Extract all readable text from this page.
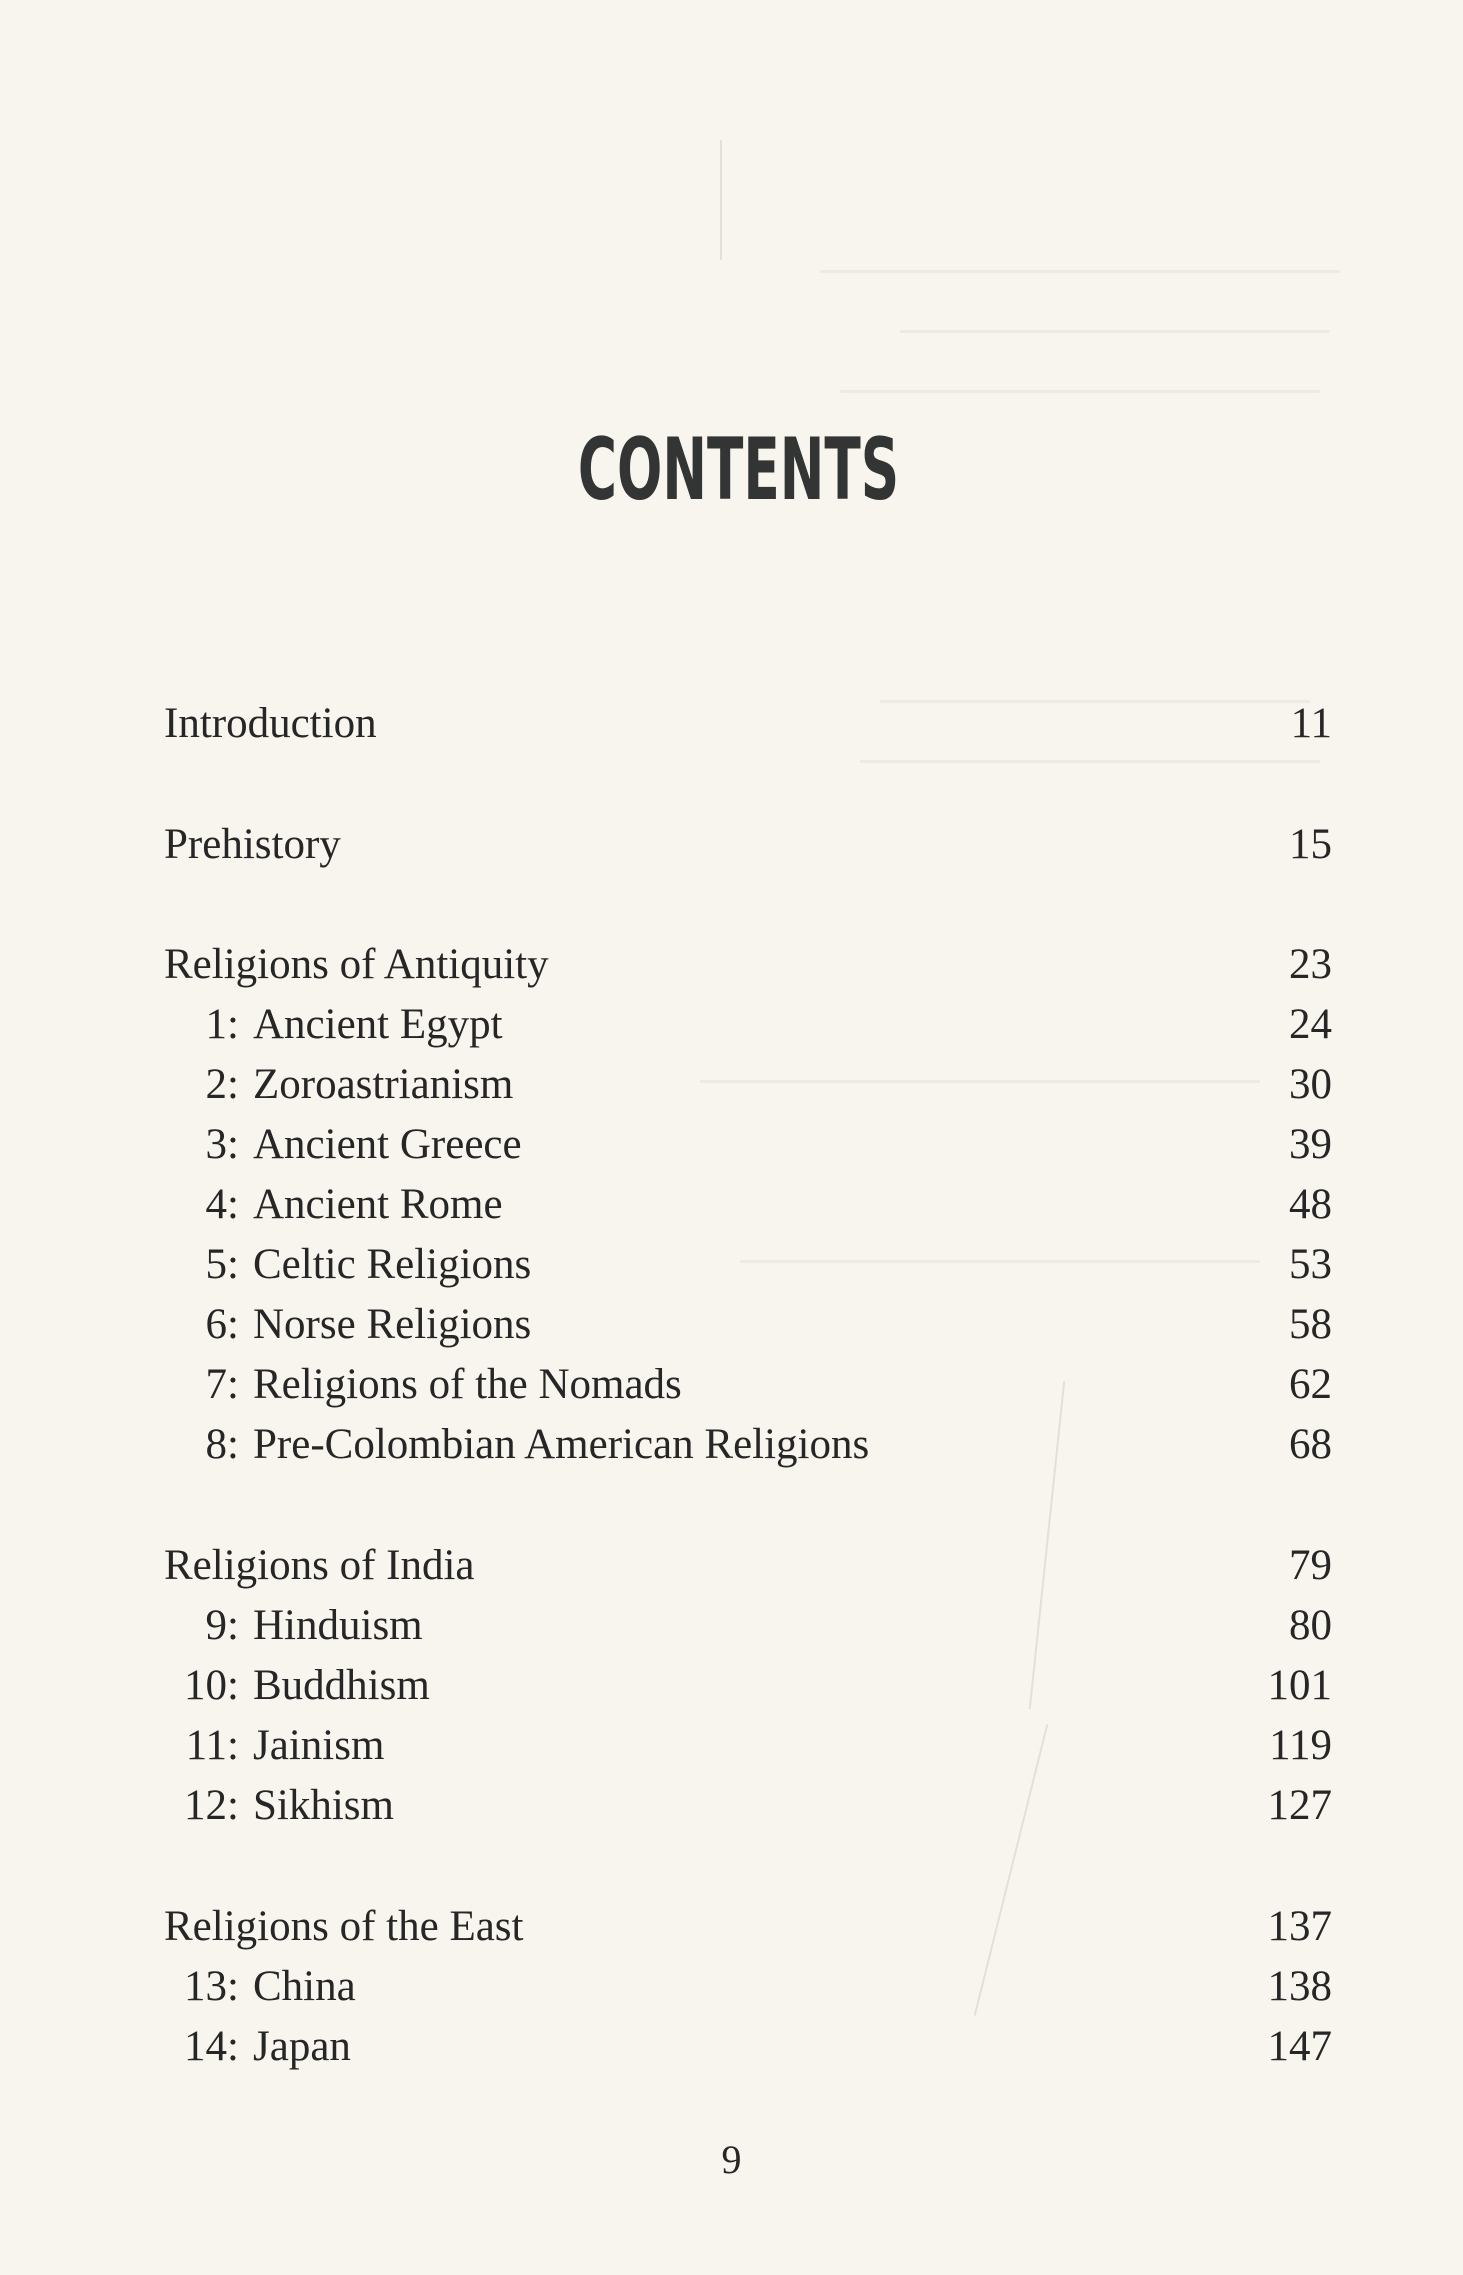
CONTENTS
Introduction	11
Prehistory	15
Religions of Antiquity	23
1: Ancient Egypt	24
2: Zoroastrianism	30
3: Ancient Greece	39
4: Ancient Rome	48
5: Celtic Religions	53
6: Norse Religions	58
7: Religions of the Nomads	62
8: Pre-Colombian American Religions	68
Religions of India	79
9: Hinduism	80
10: Buddhism	101
11: Jainism	119
12: Sikhism	127
Religions of the East	137
13: China	138
14: Japan	147
9
